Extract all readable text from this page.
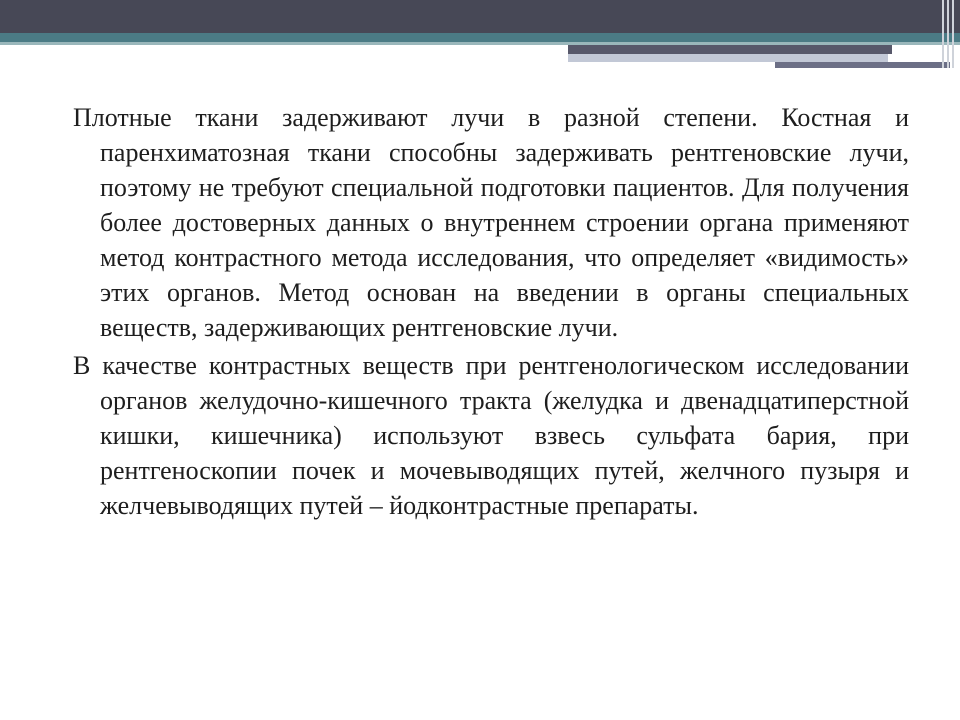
Плотные ткани задерживают лучи в разной степени. Костная и паренхиматозная ткани способны задерживать рентгеновские лучи, поэтому не требуют специальной подготовки пациентов. Для получения более достоверных данных о внутреннем строении органа применяют метод контрастного метода исследования, что определяет «видимость» этих органов. Метод основан на введении в органы специальных веществ, задерживающих рентгеновские лучи.

В качестве контрастных веществ при рентгенологическом исследовании органов желудочно-кишечного тракта (желудка и двенадцатиперстной кишки, кишечника) используют взвесь сульфата бария, при рентгеноскопии почек и мочевыводящих путей, желчного пузыря и желчевыводящих путей – йодконтрастные препараты.
